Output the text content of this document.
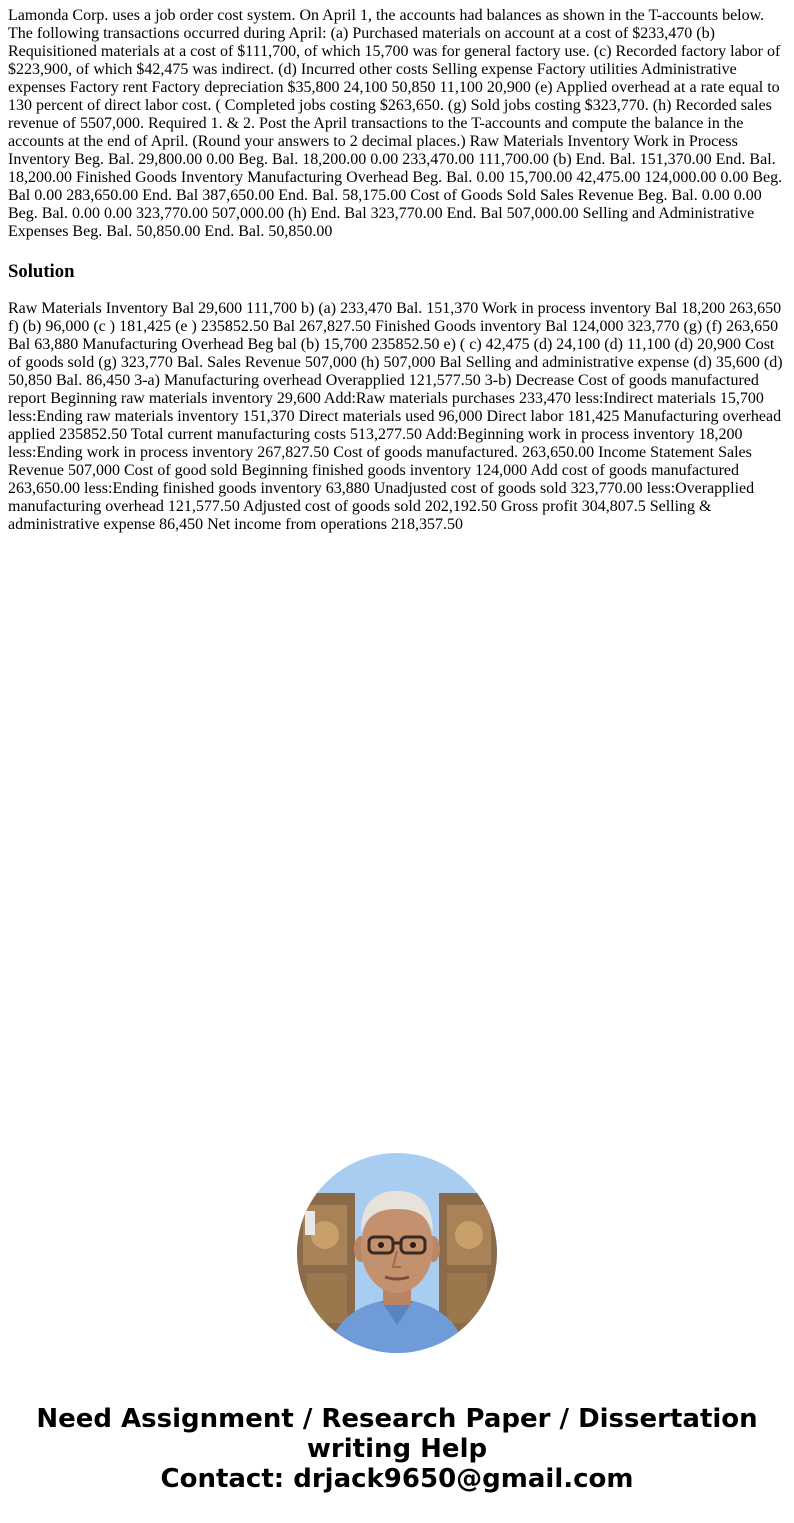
Lamonda Corp. uses a job order cost system. On April 1, the accounts had balances as shown in the T-accounts below. The following transactions occurred during April: (a) Purchased materials on account at a cost of $233,470 (b) Requisitioned materials at a cost of $111,700, of which 15,700 was for general factory use. (c) Recorded factory labor of $223,900, of which $42,475 was indirect. (d) Incurred other costs Selling expense Factory utilities Administrative expenses Factory rent Factory depreciation $35,800 24,100 50,850 11,100 20,900 (e) Applied overhead at a rate equal to 130 percent of direct labor cost. ( Completed jobs costing $263,650. (g) Sold jobs costing $323,770. (h) Recorded sales revenue of 5507,000. Required 1. & 2. Post the April transactions to the T-accounts and compute the balance in the accounts at the end of April. (Round your answers to 2 decimal places.) Raw Materials Inventory Work in Process Inventory Beg. Bal. 29,800.00 0.00 Beg. Bal. 18,200.00 0.00 233,470.00 111,700.00 (b) End. Bal. 151,370.00 End. Bal. 18,200.00 Finished Goods Inventory Manufacturing Overhead Beg. Bal. 0.00 15,700.00 42,475.00 124,000.00 0.00 Beg. Bal 0.00 283,650.00 End. Bal 387,650.00 End. Bal. 58,175.00 Cost of Goods Sold Sales Revenue Beg. Bal. 0.00 0.00 Beg. Bal. 0.00 0.00 323,770.00 507,000.00 (h) End. Bal 323,770.00 End. Bal 507,000.00 Selling and Administrative Expenses Beg. Bal. 50,850.00 End. Bal. 50,850.00

Solution

Raw Materials Inventory Bal 29,600 111,700 b) (a) 233,470 Bal. 151,370 Work in process inventory Bal 18,200 263,650 f) (b) 96,000 (c ) 181,425 (e ) 235852.50 Bal 267,827.50 Finished Goods inventory Bal 124,000 323,770 (g) (f) 263,650 Bal 63,880 Manufacturing Overhead Beg bal (b) 15,700 235852.50 e) ( c) 42,475 (d) 24,100 (d) 11,100 (d) 20,900 Cost of goods sold (g) 323,770 Bal. Sales Revenue 507,000 (h) 507,000 Bal Selling and administrative expense (d) 35,600 (d) 50,850 Bal. 86,450 3-a) Manufacturing overhead Overapplied 121,577.50 3-b) Decrease Cost of goods manufactured report Beginning raw materials inventory 29,600 Add:Raw materials purchases 233,470 less:Indirect materials 15,700 less:Ending raw materials inventory 151,370 Direct materials used 96,000 Direct labor 181,425 Manufacturing overhead applied 235852.50 Total current manufacturing costs 513,277.50 Add:Beginning work in process inventory 18,200 less:Ending work in process inventory 267,827.50 Cost of goods manufactured. 263,650.00 Income Statement Sales Revenue 507,000 Cost of good sold Beginning finished goods inventory 124,000 Add cost of goods manufactured 263,650.00 less:Ending finished goods inventory 63,880 Unadjusted cost of goods sold 323,770.00 less:Overapplied manufacturing overhead 121,577.50 Adjusted cost of goods sold 202,192.50 Gross profit 304,807.5 Selling & administrative expense 86,450 Net income from operations 218,357.50

Need Assignment / Research Paper / Dissertation
writing Help
Contact: drjack9650@gmail.com
